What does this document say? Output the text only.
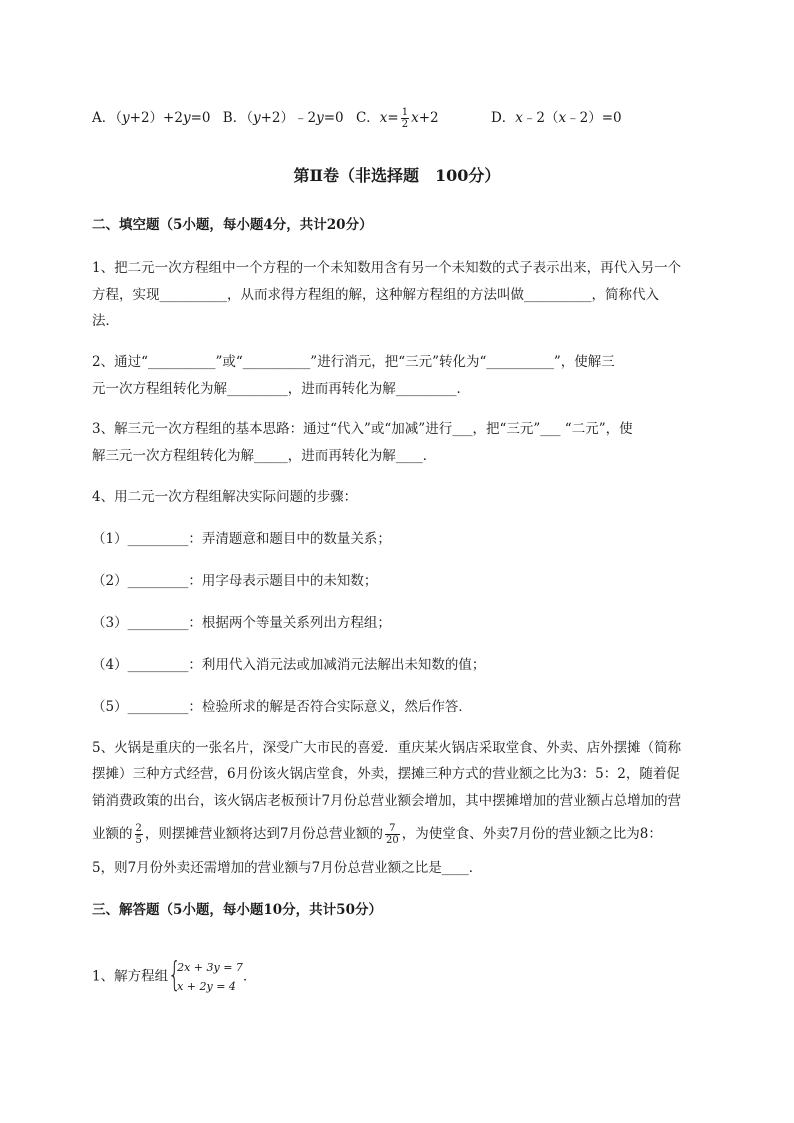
A．（y+2）+2y=0 B．（y+2）﹣2y=0 C．$x= \frac{1}{2} x+2$	D．x﹣2（x﹣2）=0
第Ⅱ卷（非选择题　100分）
二、填空题（5小题，每小题4分，共计20分）
1、把二元一次方程组中一个方程的一个未知数用含有另一个未知数的式子表示出来，再代入另一个
方程，实现__________，从而求得方程组的解，这种解方程组的方法叫做__________，简称代入
法．
2、通过“__________”或“__________”进行消元，把“三元”转化为“__________”，使解三
元一次方程组转化为解_________，进而再转化为解_________．
3、解三元一次方程组的基本思路：通过“代入”或“加减”进行___，把“三元”___ “二元”，使
解三元一次方程组转化为解_____，进而再转化为解____．
4、用二元一次方程组解决实际问题的步骤：
（1）_________：弄清题意和题目中的数量关系；
（2）_________：用字母表示题目中的未知数；
（3）_________：根据两个等量关系列出方程组；
（4）_________：利用代入消元法或加减消元法解出未知数的值；
（5）_________：检验所求的解是否符合实际意义，然后作答．
5、火锅是重庆的一张名片，深受广大市民的喜爱．重庆某火锅店采取堂食、外卖、店外摆摊（简称
摆摊）三种方式经营，6月份该火锅店堂食，外卖，摆摊三种方式的营业额之比为3：5：2，随着促
销消费政策的出台，该火锅店老板预计7月份总营业额会增加，其中摆摊增加的营业额占总增加的营
业额的 $\frac{2}{5}$ ，则摆摊营业额将达到7月份总营业额的 $\frac{7}{20}$ ，为使堂食、外卖7月份的营业额之比为8：
5，则7月份外卖还需增加的营业额与7月份总营业额之比是____．
三、解答题（5小题，每小题10分，共计50分）
1、解方程组 {
2x + 3y = 7
x + 2y = 4
．
